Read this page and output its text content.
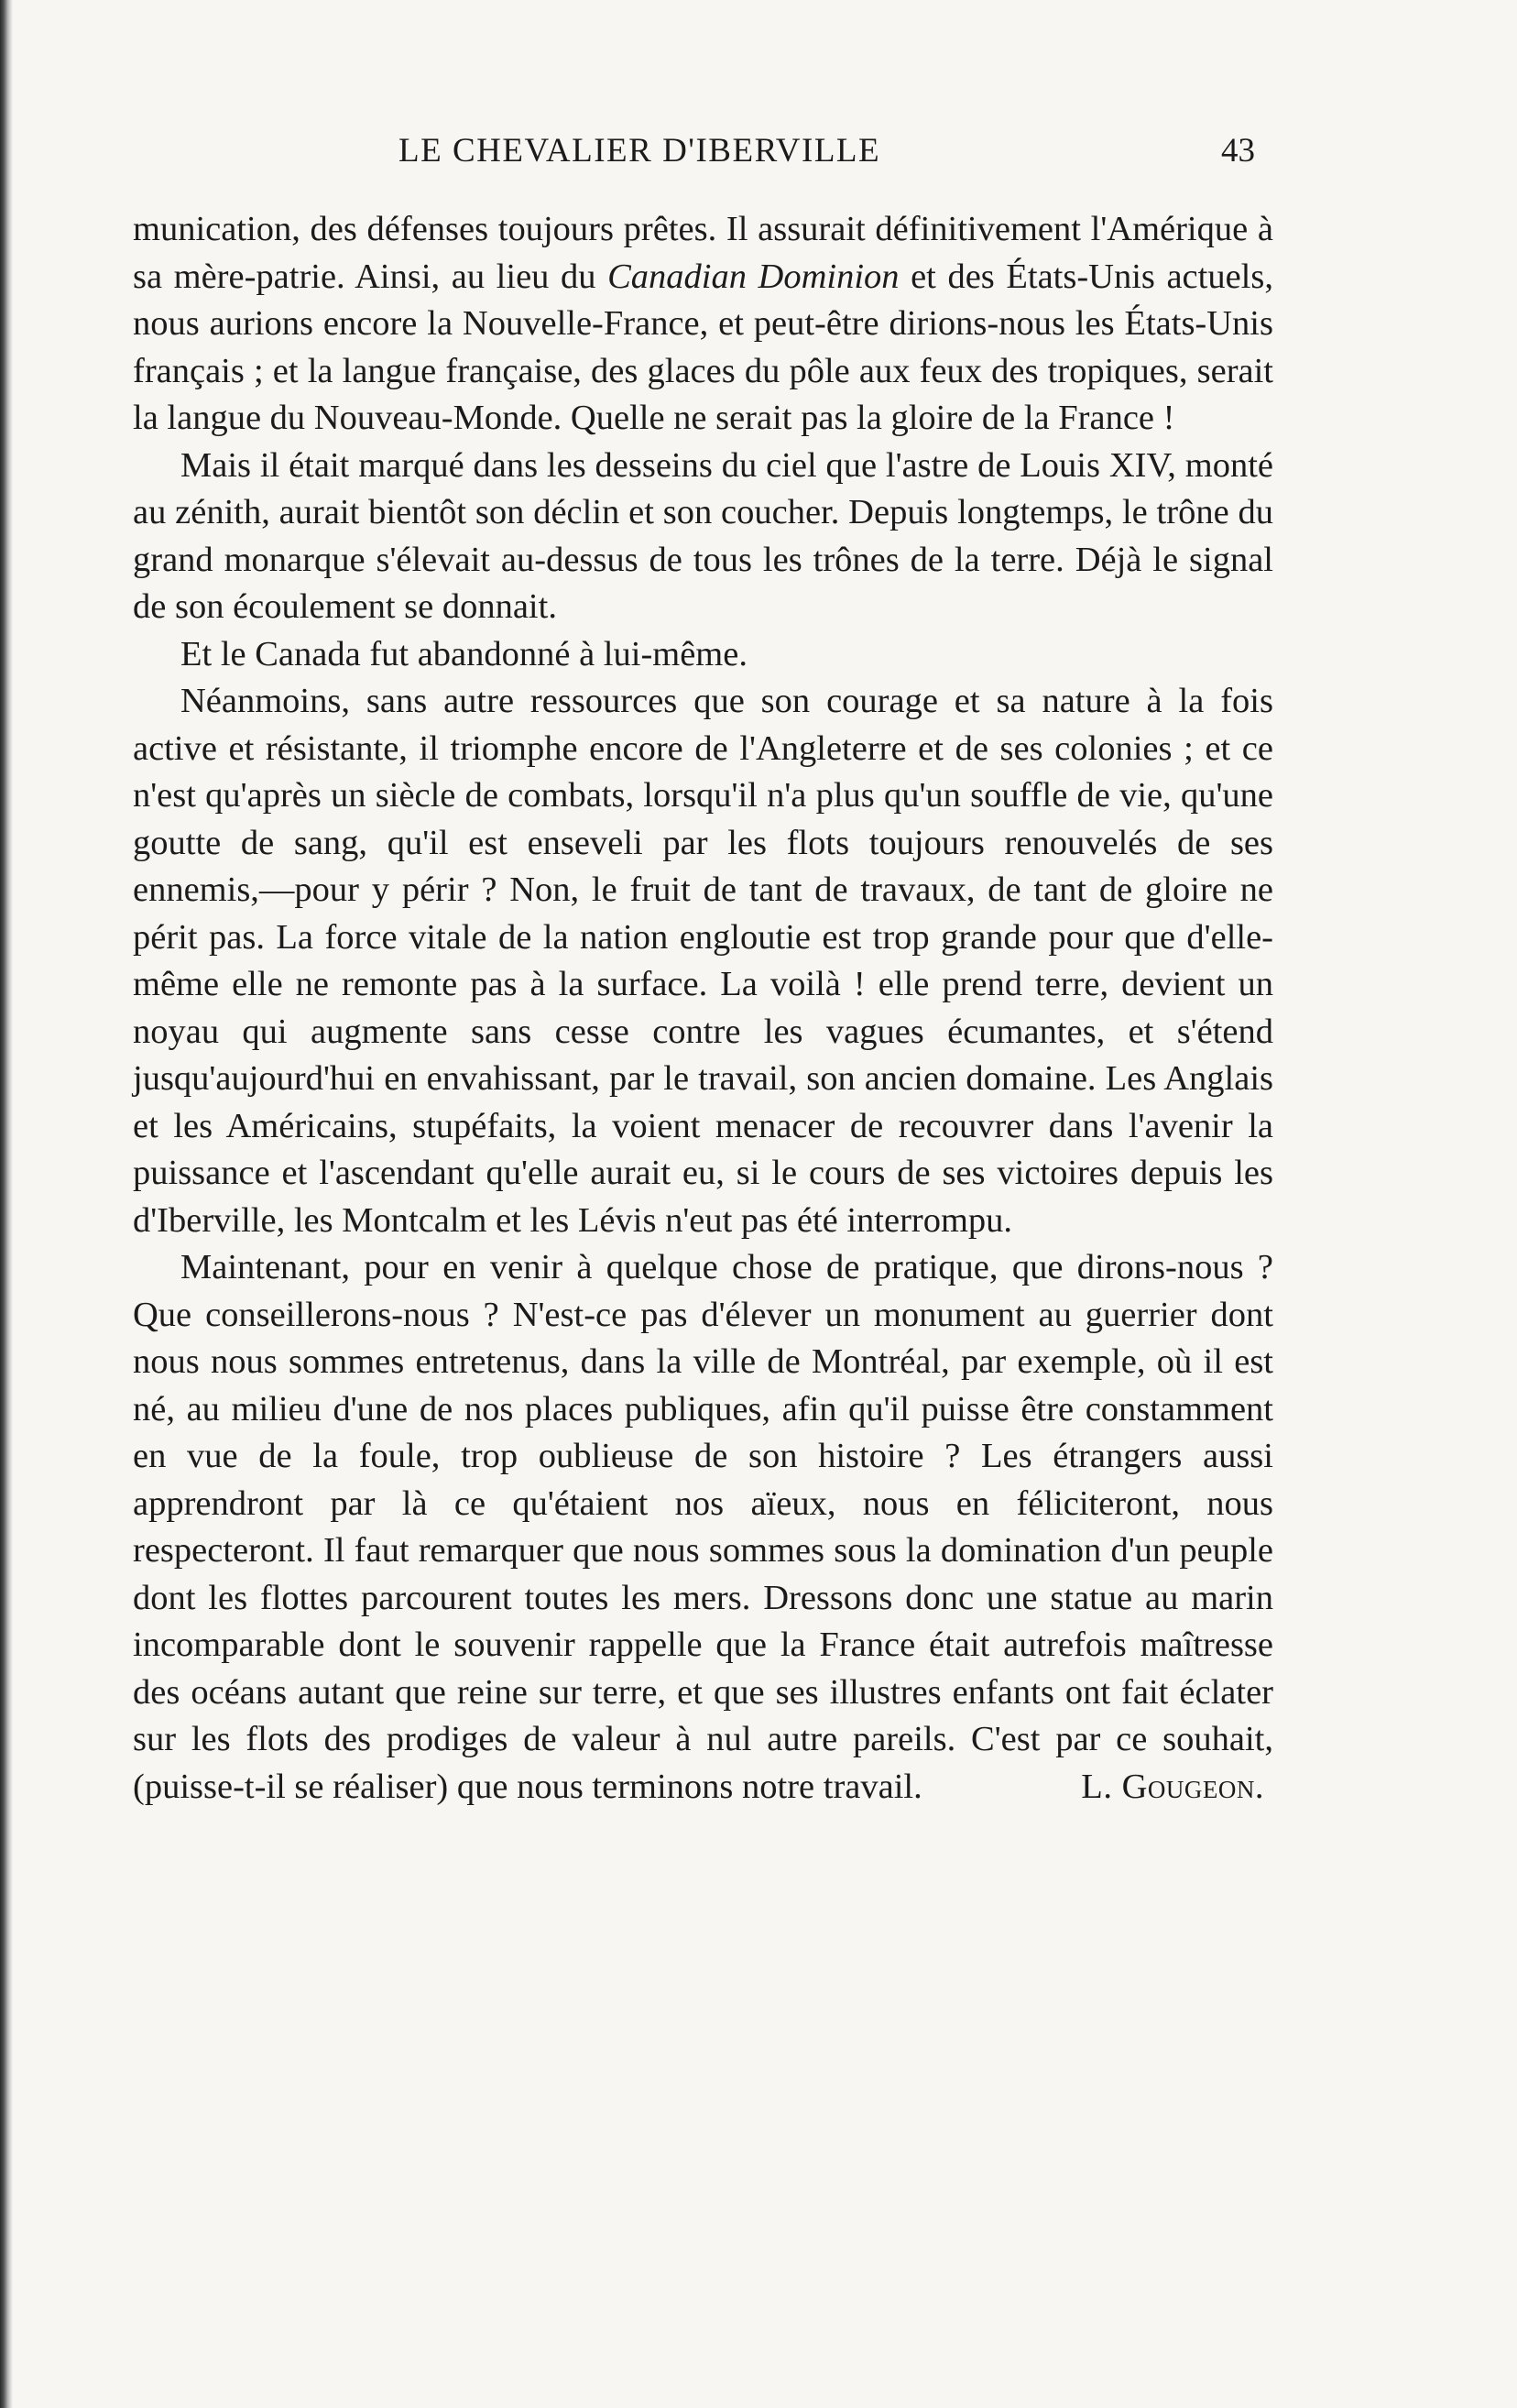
LE CHEVALIER D'IBERVILLE	43

munication, des défenses toujours prêtes. Il assurait définitivement l'Amérique à sa mère-patrie. Ainsi, au lieu du Canadian Dominion et des États-Unis actuels, nous aurions encore la Nouvelle-France, et peut-être dirions-nous les États-Unis français ; et la langue française, des glaces du pôle aux feux des tropiques, serait la langue du Nouveau-Monde. Quelle ne serait pas la gloire de la France !

Mais il était marqué dans les desseins du ciel que l'astre de Louis XIV, monté au zénith, aurait bientôt son déclin et son coucher. Depuis longtemps, le trône du grand monarque s'élevait au-dessus de tous les trônes de la terre. Déjà le signal de son écoulement se donnait.

Et le Canada fut abandonné à lui-même.

Néanmoins, sans autre ressources que son courage et sa nature à la fois active et résistante, il triomphe encore de l'Angleterre et de ses colonies ; et ce n'est qu'après un siècle de combats, lorsqu'il n'a plus qu'un souffle de vie, qu'une goutte de sang, qu'il est enseveli par les flots toujours renouvelés de ses ennemis,—pour y périr ? Non, le fruit de tant de travaux, de tant de gloire ne périt pas. La force vitale de la nation engloutie est trop grande pour que d'elle-même elle ne remonte pas à la surface. La voilà ! elle prend terre, devient un noyau qui augmente sans cesse contre les vagues écumantes, et s'étend jusqu'aujourd'hui en envahissant, par le travail, son ancien domaine. Les Anglais et les Américains, stupéfaits, la voient menacer de recouvrer dans l'avenir la puissance et l'ascendant qu'elle aurait eu, si le cours de ses victoires depuis les d'Iberville, les Montcalm et les Lévis n'eut pas été interrompu.

Maintenant, pour en venir à quelque chose de pratique, que dirons-nous ? Que conseillerons-nous ? N'est-ce pas d'élever un monument au guerrier dont nous nous sommes entretenus, dans la ville de Montréal, par exemple, où il est né, au milieu d'une de nos places publiques, afin qu'il puisse être constamment en vue de la foule, trop oublieuse de son histoire ? Les étrangers aussi apprendront par là ce qu'étaient nos aïeux, nous en féliciteront, nous respecteront. Il faut remarquer que nous sommes sous la domination d'un peuple dont les flottes parcourent toutes les mers. Dressons donc une statue au marin incomparable dont le souvenir rappelle que la France était autrefois maîtresse des océans autant que reine sur terre, et que ses illustres enfants ont fait éclater sur les flots des prodiges de valeur à nul autre pareils. C'est par ce souhait, (puisse-t-il se réaliser) que nous terminons notre travail.	L. Gougeon.
